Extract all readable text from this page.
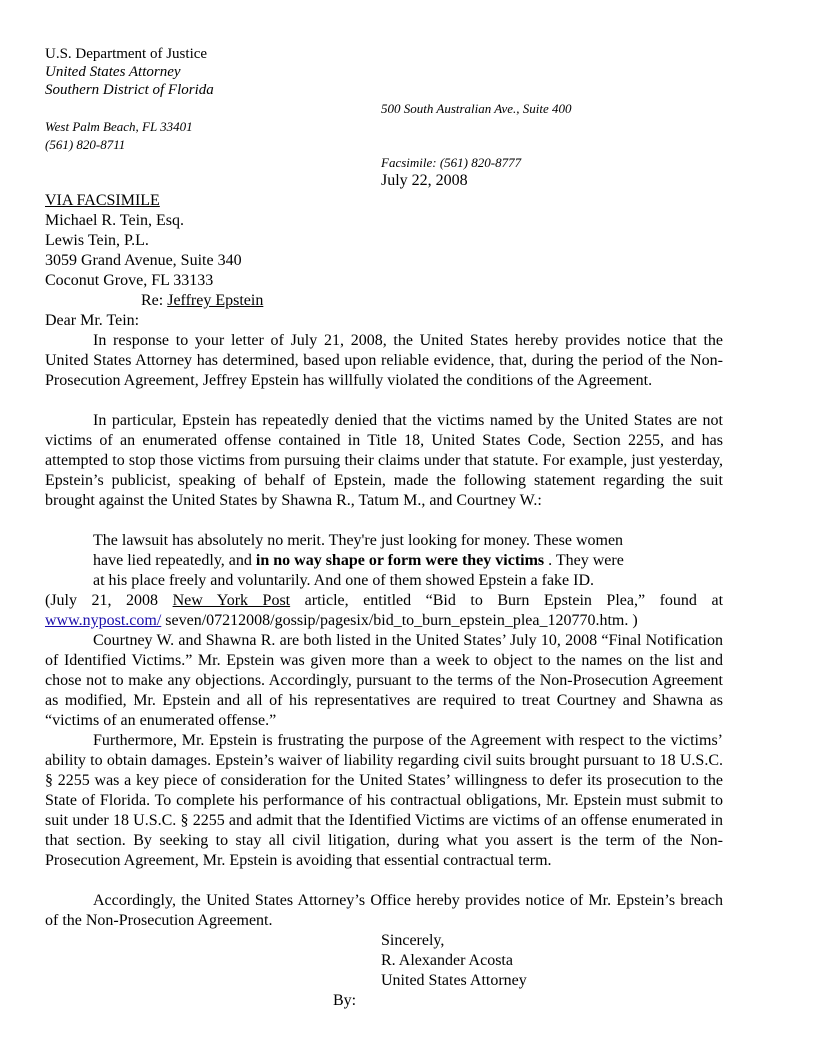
U.S. Department of Justice
United States Attorney
Southern District of Florida
500 South Australian Ave., Suite 400
West Palm Beach, FL 33401
(561) 820-8711
Facsimile: (561) 820-8777
July 22, 2008
VIA FACSIMILE
Michael R. Tein, Esq.
Lewis Tein, P.L.
3059 Grand Avenue, Suite 340
Coconut Grove, FL 33133
Re: Jeffrey Epstein
Dear Mr. Tein:
In response to your letter of July 21, 2008, the United States hereby provides notice that the United States Attorney has determined, based upon reliable evidence, that, during the period of the Non-Prosecution Agreement, Jeffrey Epstein has willfully violated the conditions of the Agreement.
In particular, Epstein has repeatedly denied that the victims named by the United States are not victims of an enumerated offense contained in Title 18, United States Code, Section 2255, and has attempted to stop those victims from pursuing their claims under that statute. For example, just yesterday, Epstein’s publicist, speaking of behalf of Epstein, made the following statement regarding the suit brought against the United States by Shawna R., Tatum M., and Courtney W.:
The lawsuit has absolutely no merit. They're just looking for money. These women
have lied repeatedly, and in no way shape or form were they victims . They were
at his place freely and voluntarily. And one of them showed Epstein a fake ID.
(July 21, 2008 New York Post article, entitled “Bid to Burn Epstein Plea,” found at
www.nypost.com/ seven/07212008/gossip/pagesix/bid_to_burn_epstein_plea_120770.htm. )
Courtney W. and Shawna R. are both listed in the United States’ July 10, 2008 “Final Notification of Identified Victims.” Mr. Epstein was given more than a week to object to the names on the list and chose not to make any objections. Accordingly, pursuant to the terms of the Non-Prosecution Agreement as modified, Mr. Epstein and all of his representatives are required to treat Courtney and Shawna as “victims of an enumerated offense.”
Furthermore, Mr. Epstein is frustrating the purpose of the Agreement with respect to the victims’ ability to obtain damages. Epstein’s waiver of liability regarding civil suits brought pursuant to 18 U.S.C. § 2255 was a key piece of consideration for the United States’ willingness to defer its prosecution to the State of Florida. To complete his performance of his contractual obligations, Mr. Epstein must submit to suit under 18 U.S.C. § 2255 and admit that the Identified Victims are victims of an offense enumerated in that section. By seeking to stay all civil litigation, during what you assert is the term of the Non-Prosecution Agreement, Mr. Epstein is avoiding that essential contractual term.
Accordingly, the United States Attorney’s Office hereby provides notice of Mr. Epstein’s breach of the Non-Prosecution Agreement.
Sincerely,
R. Alexander Acosta
United States Attorney
By:
